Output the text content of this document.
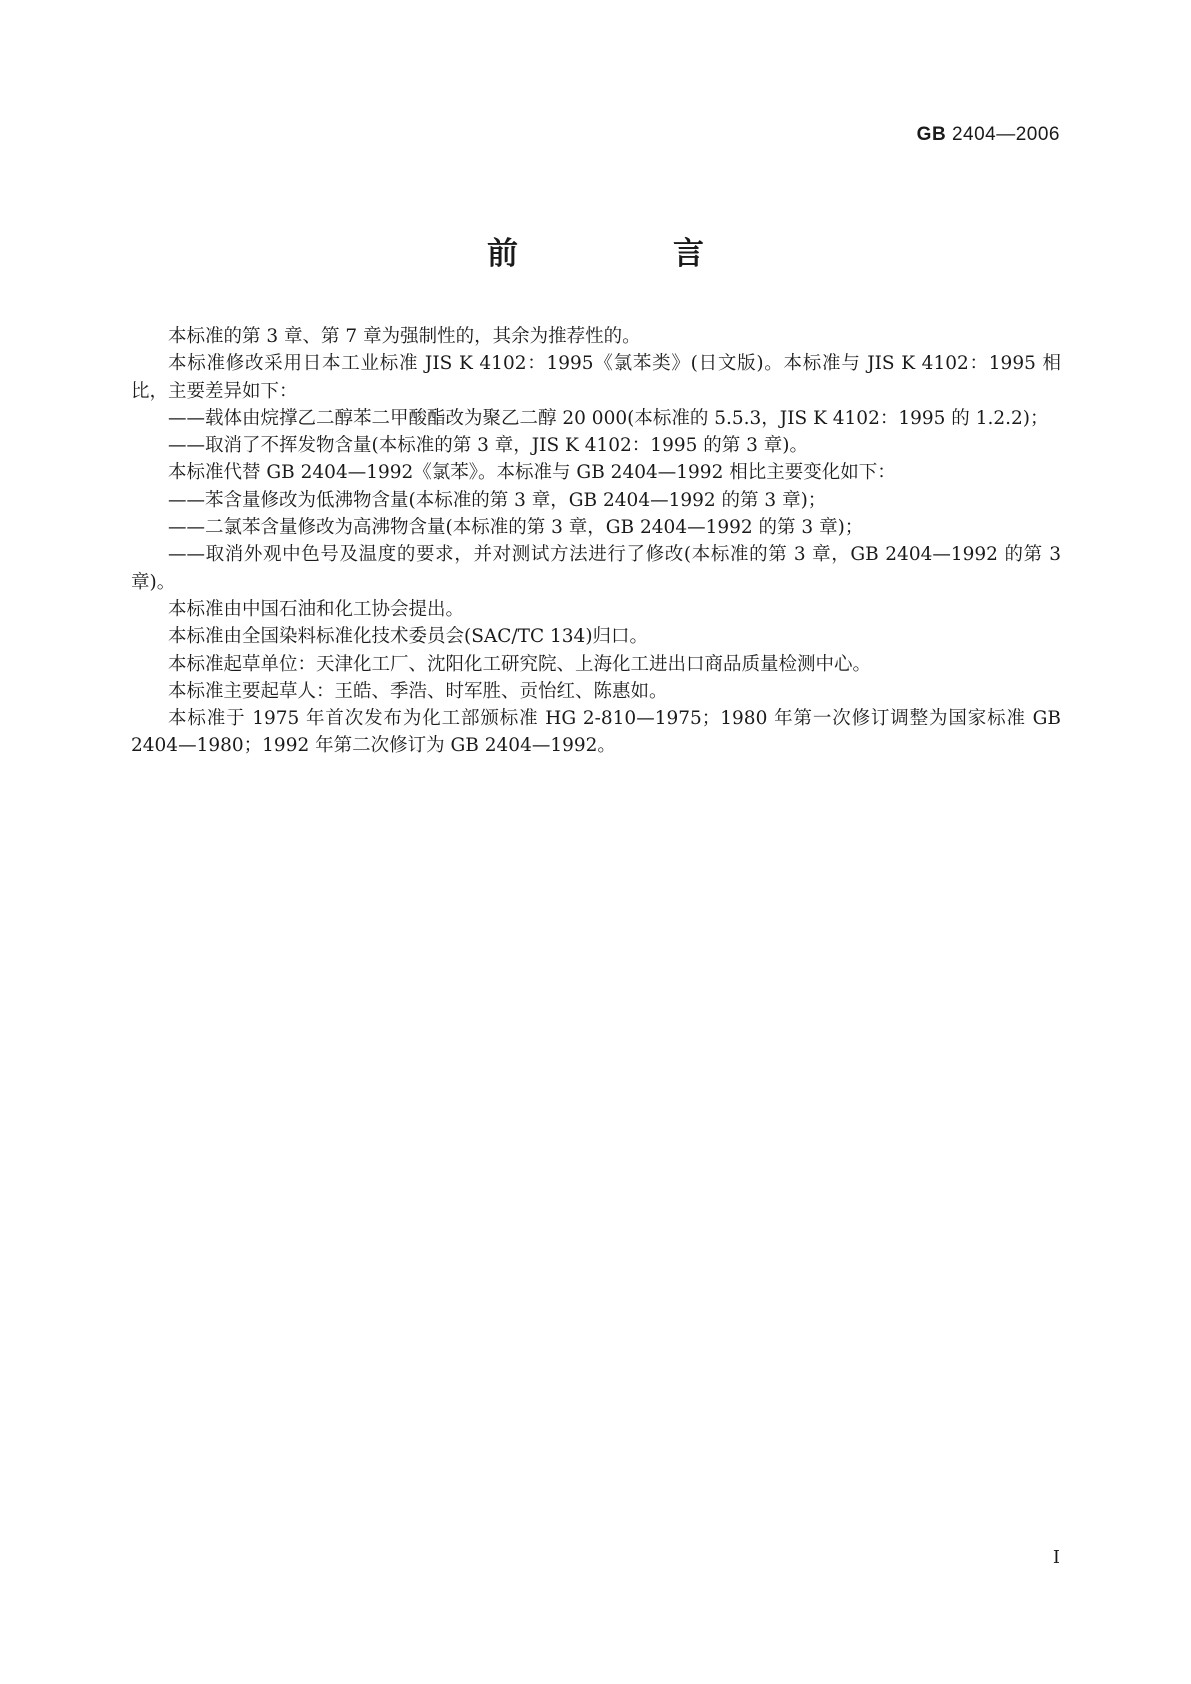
GB 2404—2006
前　言

本标准的第 3 章、第 7 章为强制性的，其余为推荐性的。

本标准修改采用日本工业标准 JIS K 4102：1995《氯苯类》(日文版)。本标准与 JIS K 4102：1995 相比，主要差异如下：

——载体由烷撑乙二醇苯二甲酸酯改为聚乙二醇 20 000(本标准的 5.5.3，JIS K 4102：1995 的 1.2.2)；

——取消了不挥发物含量(本标准的第 3 章，JIS K 4102：1995 的第 3 章)。

本标准代替 GB 2404—1992《氯苯》。本标准与 GB 2404—1992 相比主要变化如下：

——苯含量修改为低沸物含量(本标准的第 3 章，GB 2404—1992 的第 3 章)；

——二氯苯含量修改为高沸物含量(本标准的第 3 章，GB 2404—1992 的第 3 章)；

——取消外观中色号及温度的要求，并对测试方法进行了修改(本标准的第 3 章，GB 2404—1992 的第 3 章)。

本标准由中国石油和化工协会提出。

本标准由全国染料标准化技术委员会(SAC/TC 134)归口。

本标准起草单位：天津化工厂、沈阳化工研究院、上海化工进出口商品质量检测中心。

本标准主要起草人：王皓、季浩、时军胜、贡怡红、陈惠如。

本标准于 1975 年首次发布为化工部颁标准 HG 2-810—1975；1980 年第一次修订调整为国家标准 GB 2404—1980；1992 年第二次修订为 GB 2404—1992。

I
